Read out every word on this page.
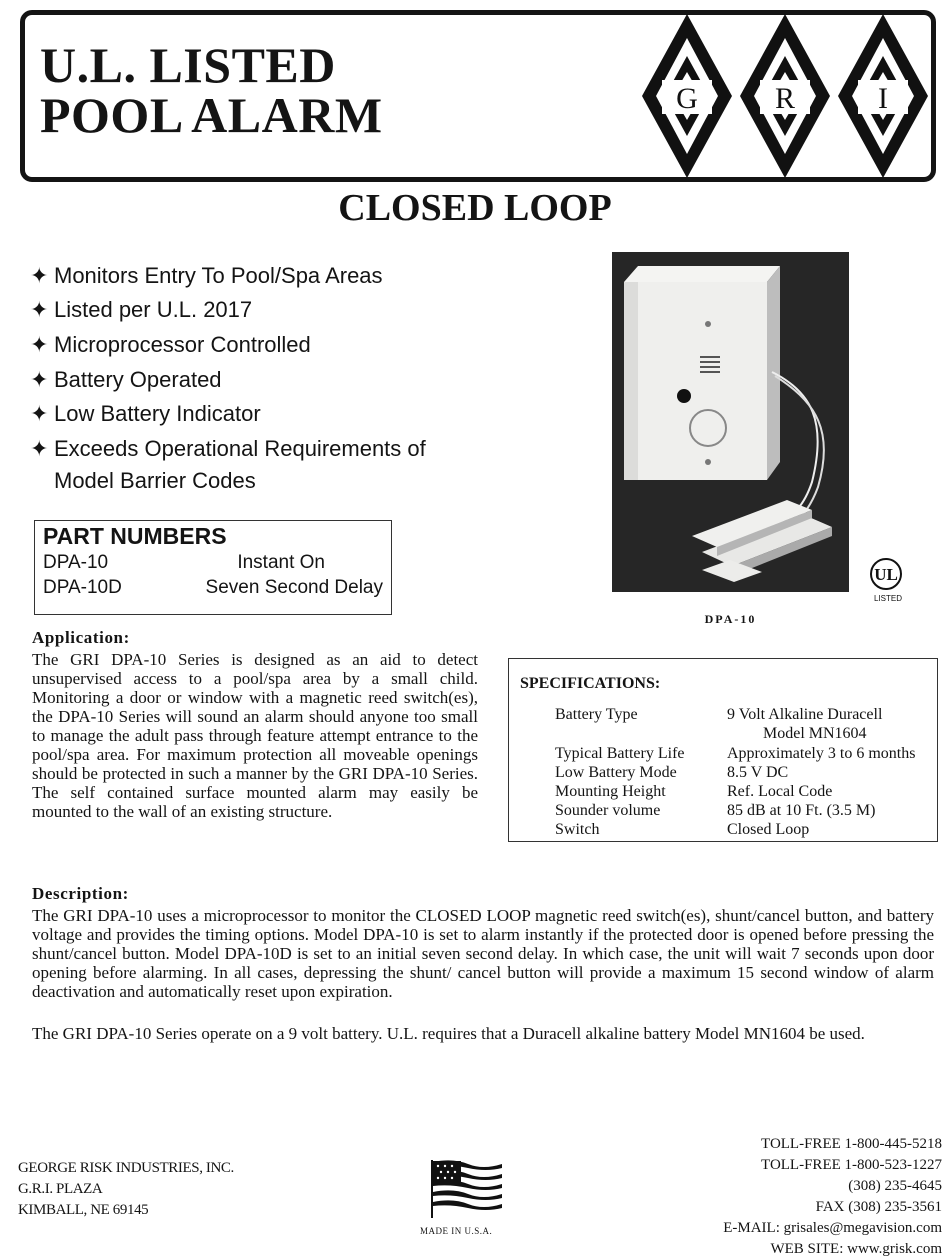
U.L. LISTED
POOL ALARM	G	R	I
CLOSED LOOP
✦ Monitors Entry To Pool/Spa Areas
✦ Listed per U.L. 2017
✦ Microprocessor Controlled
✦ Battery Operated
✦ Low Battery Indicator
✦ Exceeds Operational Requirements of
Model Barrier Codes
PART NUMBERS
DPA-10	Instant On
DPA-10D	Seven Second Delay
UL
LISTED
DPA-10
Application:
The GRI DPA-10 Series is designed as an aid to detect unsupervised access to a pool/spa area by a small child. Monitoring a door or window with a magnetic reed switch(es), the DPA-10 Series will sound an alarm should anyone too small to manage the adult pass through feature attempt entrance to the pool/spa area. For maximum protection all moveable openings should be protected in such a manner by the GRI DPA-10 Series. The self contained surface mounted alarm may easily be mounted to the wall of an existing structure.
SPECIFICATIONS:
Battery Type	9 Volt Alkaline Duracell
Model MN1604
Typical Battery Life	Approximately 3 to 6 months
Low Battery Mode	8.5 V DC
Mounting Height	Ref. Local Code
Sounder volume	85 dB at 10 Ft. (3.5 M)
Switch	Closed Loop
Description:
The GRI DPA-10 uses a microprocessor to monitor the CLOSED LOOP magnetic reed switch(es), shunt/cancel button, and battery voltage and provides the timing options. Model DPA-10 is set to alarm instantly if the protected door is opened before pressing the shunt/cancel button. Model DPA-10D is set to an initial seven second delay. In which case, the unit will wait 7 seconds upon door opening before alarming. In all cases, depressing the shunt/ cancel button will provide a maximum 15 second window of alarm deactivation and automatically reset upon expiration.
The GRI DPA-10 Series operate on a 9 volt battery. U.L. requires that a Duracell alkaline battery Model MN1604 be used.
GEORGE RISK INDUSTRIES, INC.
G.R.I. PLAZA
KIMBALL, NE 69145
MADE IN U.S.A.
TOLL-FREE 1-800-445-5218
TOLL-FREE 1-800-523-1227
(308) 235-4645
FAX (308) 235-3561
E-MAIL: grisales@megavision.com
WEB SITE: www.grisk.com
